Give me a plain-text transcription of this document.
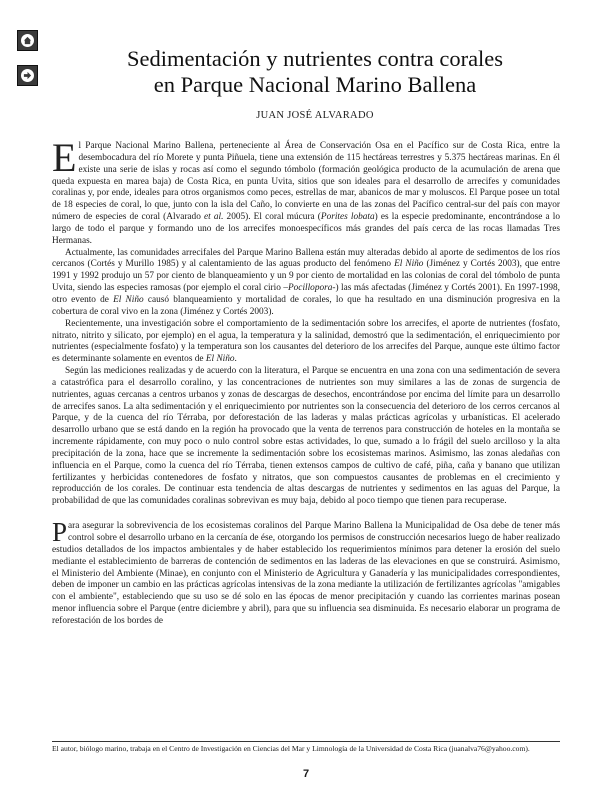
Sedimentación y nutrientes contra corales
en Parque Nacional Marino Ballena
JUAN JOSÉ ALVARADO

El Parque Nacional Marino Ballena, perteneciente al Área de Conservación Osa en el Pacífico sur de Costa Rica, entre la desembocadura del río Morete y punta Piñuela, tiene una extensión de 115 hectáreas terrestres y 5.375 hectáreas marinas. En él existe una serie de islas y rocas así como el segundo tómbolo (formación geológica producto de la acumulación de arena que queda expuesta en marea baja) de Costa Rica, en punta Uvita, sitios que son ideales para el desarrollo de arrecifes y comunidades coralinas y, por ende, ideales para otros organismos como peces, estrellas de mar, abanicos de mar y moluscos. El Parque posee un total de 18 especies de coral, lo que, junto con la isla del Caño, lo convierte en una de las zonas del Pacífico central-sur del país con mayor número de especies de coral (Alvarado et al. 2005). El coral múcura (Porites lobata) es la especie predominante, encontrándose a lo largo de todo el parque y formando uno de los arrecifes monoespecíficos más grandes del país cerca de las rocas llamadas Tres Hermanas.

Actualmente, las comunidades arrecifales del Parque Marino Ballena están muy alteradas debido al aporte de sedimentos de los ríos cercanos (Cortés y Murillo 1985) y al calentamiento de las aguas producto del fenómeno El Niño (Jiménez y Cortés 2003), que entre 1991 y 1992 produjo un 57 por ciento de blanqueamiento y un 9 por ciento de mortalidad en las colonias de coral del tómbolo de punta Uvita, siendo las especies ramosas (por ejemplo el coral cirio –Pocillopora-) las más afectadas (Jiménez y Cortés 2001). En 1997-1998, otro evento de El Niño causó blanqueamiento y mortalidad de corales, lo que ha resultado en una disminución progresiva en la cobertura de coral vivo en la zona (Jiménez y Cortés 2003).

Recientemente, una investigación sobre el comportamiento de la sedimentación sobre los arrecifes, el aporte de nutrientes (fosfato, nitrato, nitrito y silicato, por ejemplo) en el agua, la temperatura y la salinidad, demostró que la sedimentación, el enriquecimiento por nutrientes (especialmente fosfato) y la temperatura son los causantes del deterioro de los arrecifes del Parque, aunque este último factor es determinante solamente en eventos de El Niño.

Según las mediciones realizadas y de acuerdo con la literatura, el Parque se encuentra en una zona con una sedimentación de severa a catastrófica para el desarrollo coralino, y las concentraciones de nutrientes son muy similares a las de zonas de surgencia de nutrientes, aguas cercanas a centros urbanos y zonas de descargas de desechos, encontrándose por encima del límite para un desarrollo de arrecifes sanos. La alta sedimentación y el enriquecimiento por nutrientes son la consecuencia del deterioro de los cerros cercanos al Parque, y de la cuenca del río Térraba, por deforestación de las laderas y malas prácticas agrícolas y urbanísticas. El acelerado desarrollo urbano que se está dando en la región ha provocado que la venta de terrenos para construcción de hoteles en la montaña se incremente rápidamente, con muy poco o nulo control sobre estas actividades, lo que, sumado a lo frágil del suelo arcilloso y la alta precipitación de la zona, hace que se incremente la sedimentación sobre los ecosistemas marinos. Asimismo, las zonas aledañas con influencia en el Parque, como la cuenca del río Térraba, tienen extensos campos de cultivo de café, piña, caña y banano que utilizan fertilizantes y herbicidas contenedores de fosfato y nitratos, que son compuestos causantes de problemas en el crecimiento y reproducción de los corales. De continuar esta tendencia de altas descargas de nutrientes y sedimentos en las aguas del Parque, la probabilidad de que las comunidades coralinas sobrevivan es muy baja, debido al poco tiempo que tienen para recuperase.

Para asegurar la sobrevivencia de los ecosistemas coralinos del Parque Marino Ballena la Municipalidad de Osa debe de tener más control sobre el desarrollo urbano en la cercanía de ése, otorgando los permisos de construcción necesarios luego de haber realizado estudios detallados de los impactos ambientales y de haber establecido los requerimientos mínimos para detener la erosión del suelo mediante el establecimiento de barreras de contención de sedimentos en las laderas de las elevaciones en que se construirá. Asimismo, el Ministerio del Ambiente (Minae), en conjunto con el Ministerio de Agricultura y Ganadería y las municipalidades correspondientes, deben de imponer un cambio en las prácticas agrícolas intensivas de la zona mediante la utilización de fertilizantes agrícolas "amigables con el ambiente", estableciendo que su uso se dé solo en las épocas de menor precipitación y cuando las corrientes marinas posean menor influencia sobre el Parque (entre diciembre y abril), para que su influencia sea disminuida. Es necesario elaborar un programa de reforestación de los bordes de

El autor, biólogo marino, trabaja en el Centro de Investigación en Ciencias del Mar y Limnología de la Universidad de Costa Rica (juanalva76@yahoo.com).
7
